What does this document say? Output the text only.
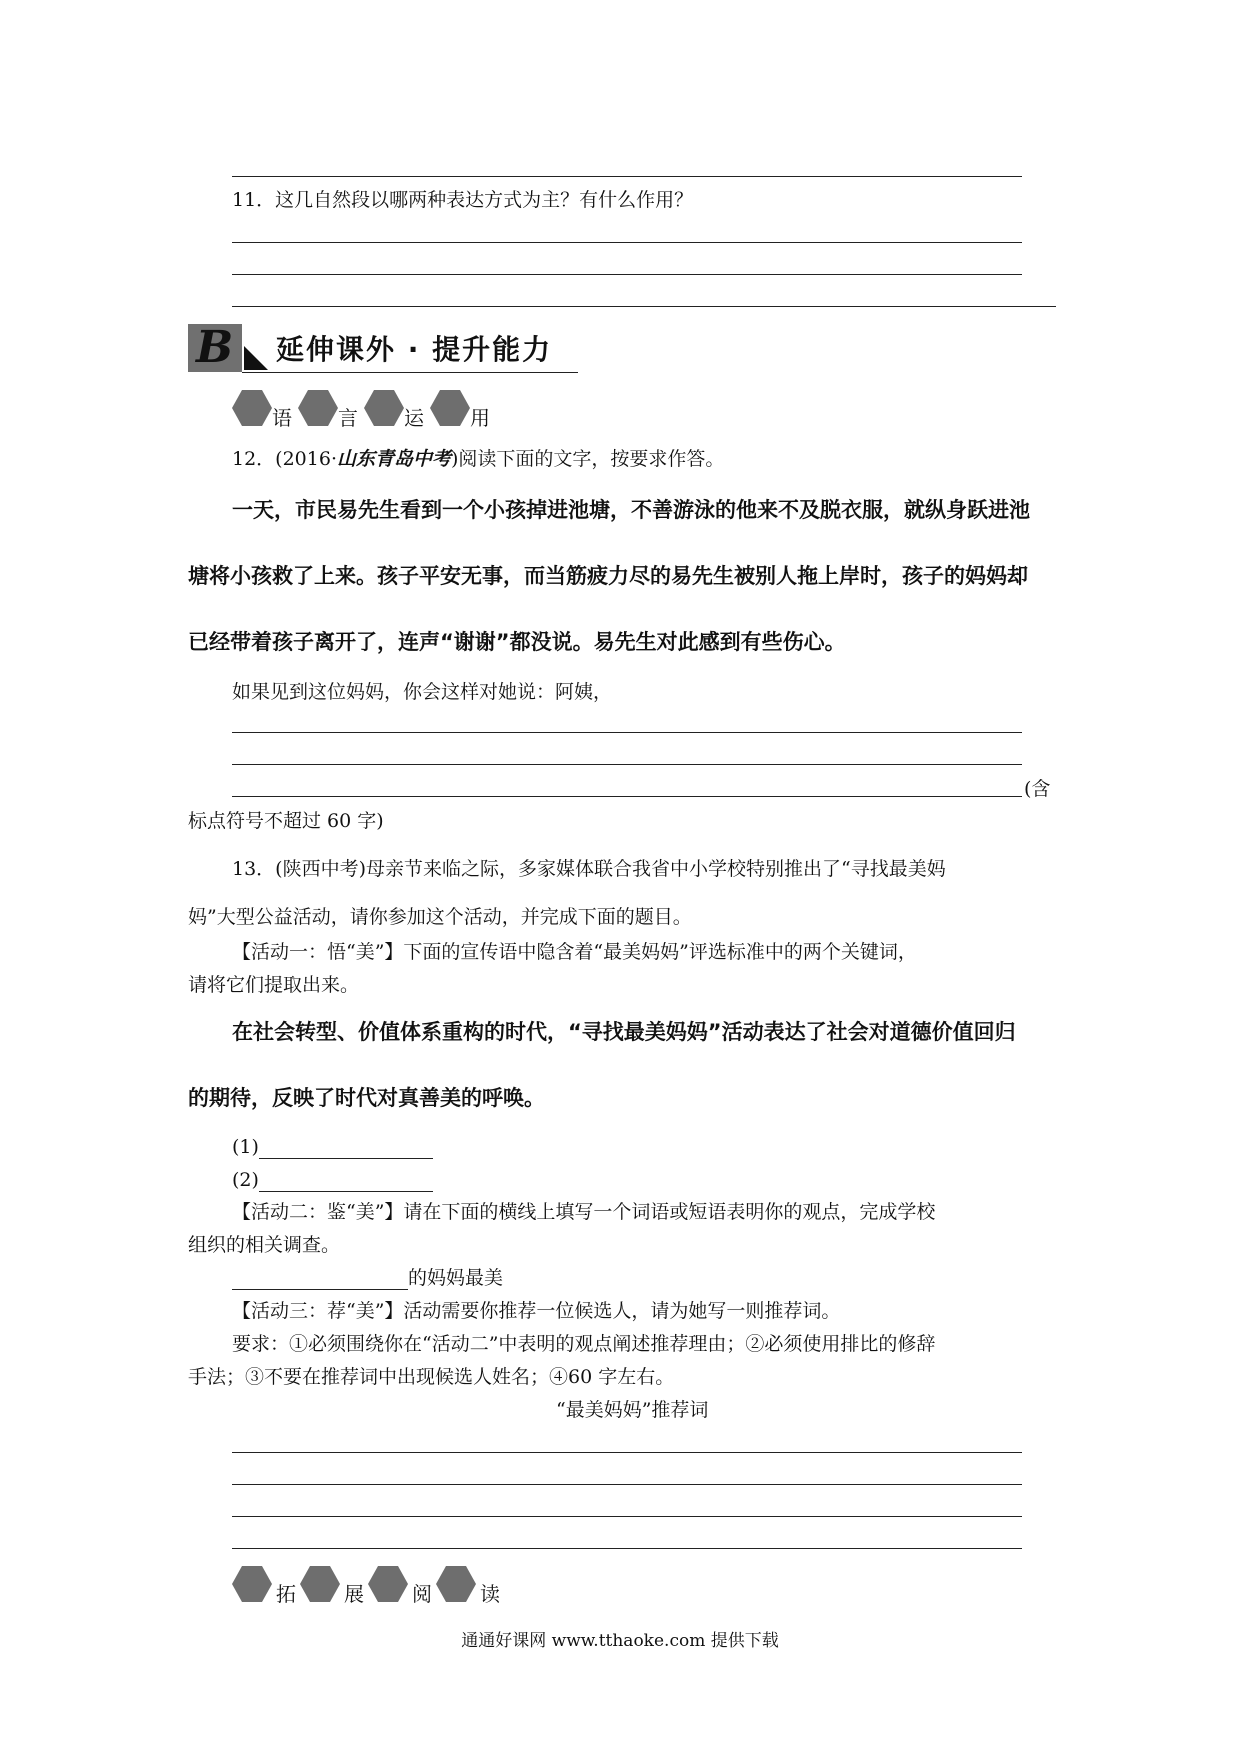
11．这几自然段以哪两种表达方式为主？有什么作用？
B 延伸课外 · 提升能力
语 言 运 用
12．(2016·山东青岛中考)阅读下面的文字，按要求作答。
一天，市民易先生看到一个小孩掉进池塘，不善游泳的他来不及脱衣服，就纵身跃进池
塘将小孩救了上来。孩子平安无事，而当筋疲力尽的易先生被别人拖上岸时，孩子的妈妈却
已经带着孩子离开了，连声“谢谢”都没说。易先生对此感到有些伤心。
如果见到这位妈妈，你会这样对她说：阿姨，
(含
标点符号不超过 60 字)
13．(陕西中考)母亲节来临之际，多家媒体联合我省中小学校特别推出了“寻找最美妈
妈”大型公益活动，请你参加这个活动，并完成下面的题目。
【活动一：悟“美”】下面的宣传语中隐含着“最美妈妈”评选标准中的两个关键词，
请将它们提取出来。
在社会转型、价值体系重构的时代，“寻找最美妈妈”活动表达了社会对道德价值回归
的期待，反映了时代对真善美的呼唤。
(1)
(2)
【活动二：鉴“美”】请在下面的横线上填写一个词语或短语表明你的观点，完成学校
组织的相关调查。
的妈妈最美
【活动三：荐“美”】活动需要你推荐一位候选人，请为她写一则推荐词。
要求：①必须围绕你在“活动二”中表明的观点阐述推荐理由；②必须使用排比的修辞
手法；③不要在推荐词中出现候选人姓名；④60 字左右。
“最美妈妈”推荐词
拓 展 阅 读
通通好课网 www.tthaoke.com 提供下载
